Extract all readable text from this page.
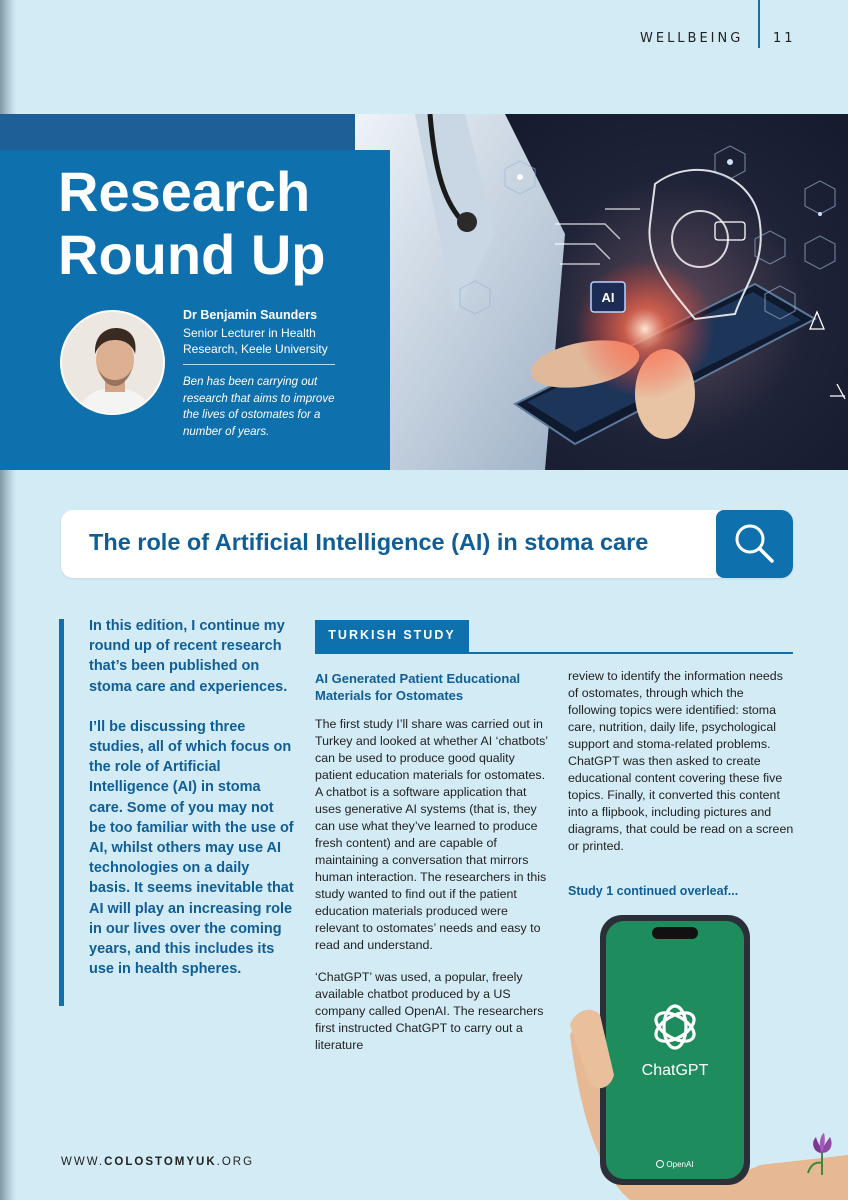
WELLBEING 11
AI
Research
Round Up
Dr Benjamin Saunders
Senior Lecturer in Health Research, Keele University
Ben has been carrying out research that aims to improve the lives of ostomates for a number of years.
The role of Artificial Intelligence (AI) in stoma care

In this edition, I continue my round up of recent research that’s been published on stoma care and experiences.

I’ll be discussing three studies, all of which focus on the role of Artificial Intelligence (AI) in stoma care. Some of you may not be too familiar with the use of AI, whilst others may use AI technologies on a daily basis. It seems inevitable that AI will play an increasing role in our lives over the coming years, and this includes its use in health spheres.

TURKISH STUDY
AI Generated Patient Educational Materials for Ostomates

The first study I’ll share was carried out in Turkey and looked at whether AI ‘chatbots’ can be used to produce good quality patient education materials for ostomates. A chatbot is a software application that uses generative AI systems (that is, they can use what they’ve learned to produce fresh content) and are capable of maintaining a conversation that mirrors human interaction. The researchers in this study wanted to find out if the patient education materials produced were relevant to ostomates’ needs and easy to read and understand.

‘ChatGPT’ was used, a popular, freely available chatbot produced by a US company called OpenAI. The researchers first instructed ChatGPT to carry out a literature

review to identify the information needs of ostomates, through which the following topics were identified: stoma care, nutrition, daily life, psychological support and stoma-related problems. ChatGPT was then asked to create educational content covering these five topics. Finally, it converted this content into a flipbook, including pictures and diagrams, that could be read on a screen or printed.

Study 1 continued overleaf...
ChatGPT
OpenAI
WWW.COLOSTOMYUK.ORG
